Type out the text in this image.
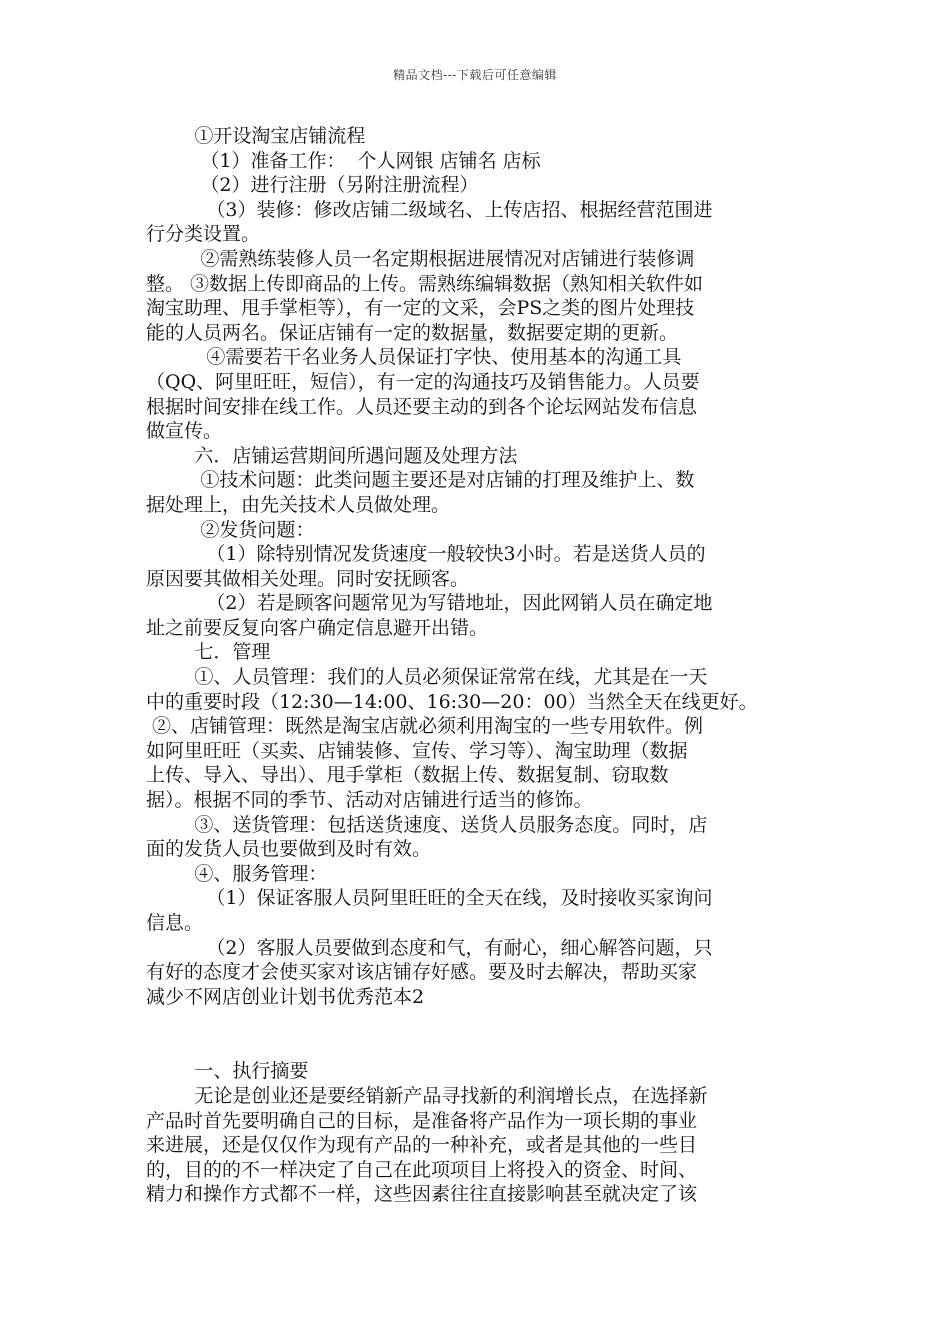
精品文档---下载后可任意编辑

①开设淘宝店铺流程

（1）准备工作：  个人网银 店铺名 店标

（2）进行注册（另附注册流程）

（3）装修：修改店铺二级域名、上传店招、根据经营范围进

行分类设置。

②需熟练装修人员一名定期根据进展情况对店铺进行装修调

整。 ③数据上传即商品的上传。需熟练编辑数据（熟知相关软件如

淘宝助理、甩手掌柜等），有一定的文采，会PS之类的图片处理技

能的人员两名。保证店铺有一定的数据量，数据要定期的更新。

④需要若干名业务人员保证打字快、使用基本的沟通工具

（QQ、阿里旺旺，短信），有一定的沟通技巧及销售能力。人员要

根据时间安排在线工作。人员还要主动的到各个论坛网站发布信息

做宣传。

六．店铺运营期间所遇问题及处理方法

①技术问题：此类问题主要还是对店铺的打理及维护上、数

据处理上，由先关技术人员做处理。

②发货问题：

（1）除特别情况发货速度一般较快3小时。若是送货人员的

原因要其做相关处理。同时安抚顾客。

（2）若是顾客问题常见为写错地址，因此网销人员在确定地

址之前要反复向客户确定信息避开出错。

七．管理

①、人员管理：我们的人员必须保证常常在线，尤其是在一天

中的重要时段（12:30—14:00、16:30—20：00）当然全天在线更好。

②、店铺管理：既然是淘宝店就必须利用淘宝的一些专用软件。例

如阿里旺旺（买卖、店铺装修、宣传、学习等）、淘宝助理（数据

上传、导入、导出）、甩手掌柜（数据上传、数据复制、窃取数

据）。根据不同的季节、活动对店铺进行适当的修饰。

③、送货管理：包括送货速度、送货人员服务态度。同时，店

面的发货人员也要做到及时有效。

④、服务管理：

（1）保证客服人员阿里旺旺的全天在线，及时接收买家询问

信息。

（2）客服人员要做到态度和气，有耐心，细心解答问题，只

有好的态度才会使买家对该店铺存好感。要及时去解决，帮助买家

减少不网店创业计划书优秀范本2

一、执行摘要

无论是创业还是要经销新产品寻找新的利润增长点，在选择新

产品时首先要明确自己的目标，是准备将产品作为一项长期的事业

来进展，还是仅仅作为现有产品的一种补充，或者是其他的一些目

的，目的的不一样决定了自己在此项项目上将投入的资金、时间、

精力和操作方式都不一样，这些因素往往直接影响甚至就决定了该
